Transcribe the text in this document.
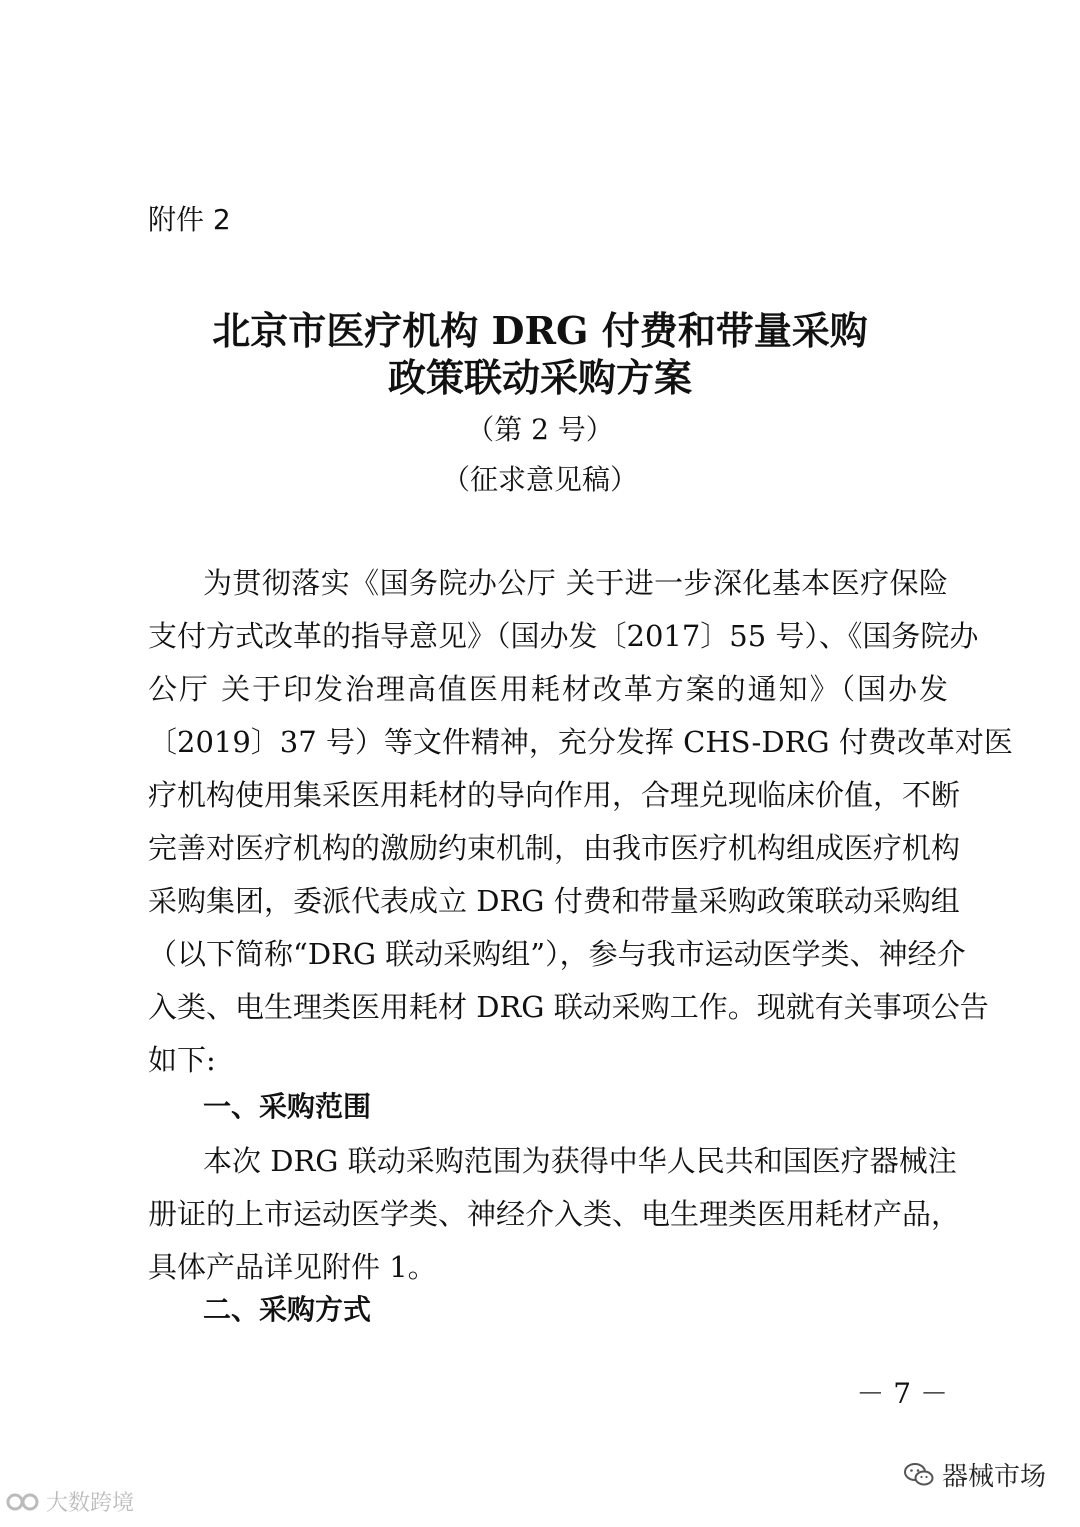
附件 2
北京市医疗机构 DRG 付费和带量采购
政策联动采购方案
（第 2 号）
（征求意见稿）
为贯彻落实《国务院办公厅 关于进一步深化基本医疗保险
支付方式改革的指导意见》（国办发〔2017〕55 号）、《国务院办
公厅 关于印发治理高值医用耗材改革方案的通知》（国办发
〔2019〕37 号）等文件精神，充分发挥 CHS-DRG 付费改革对医
疗机构使用集采医用耗材的导向作用，合理兑现临床价值，不断
完善对医疗机构的激励约束机制，由我市医疗机构组成医疗机构
采购集团，委派代表成立 DRG 付费和带量采购政策联动采购组
（以下简称“DRG 联动采购组”），参与我市运动医学类、神经介
入类、电生理类医用耗材 DRG 联动采购工作。现就有关事项公告
如下:
一、采购范围
本次 DRG 联动采购范围为获得中华人民共和国医疗器械注
册证的上市运动医学类、神经介入类、电生理类医用耗材产品，
具体产品详见附件 1。
二、采购方式
－ 7 －
大数跨境
器械市场
